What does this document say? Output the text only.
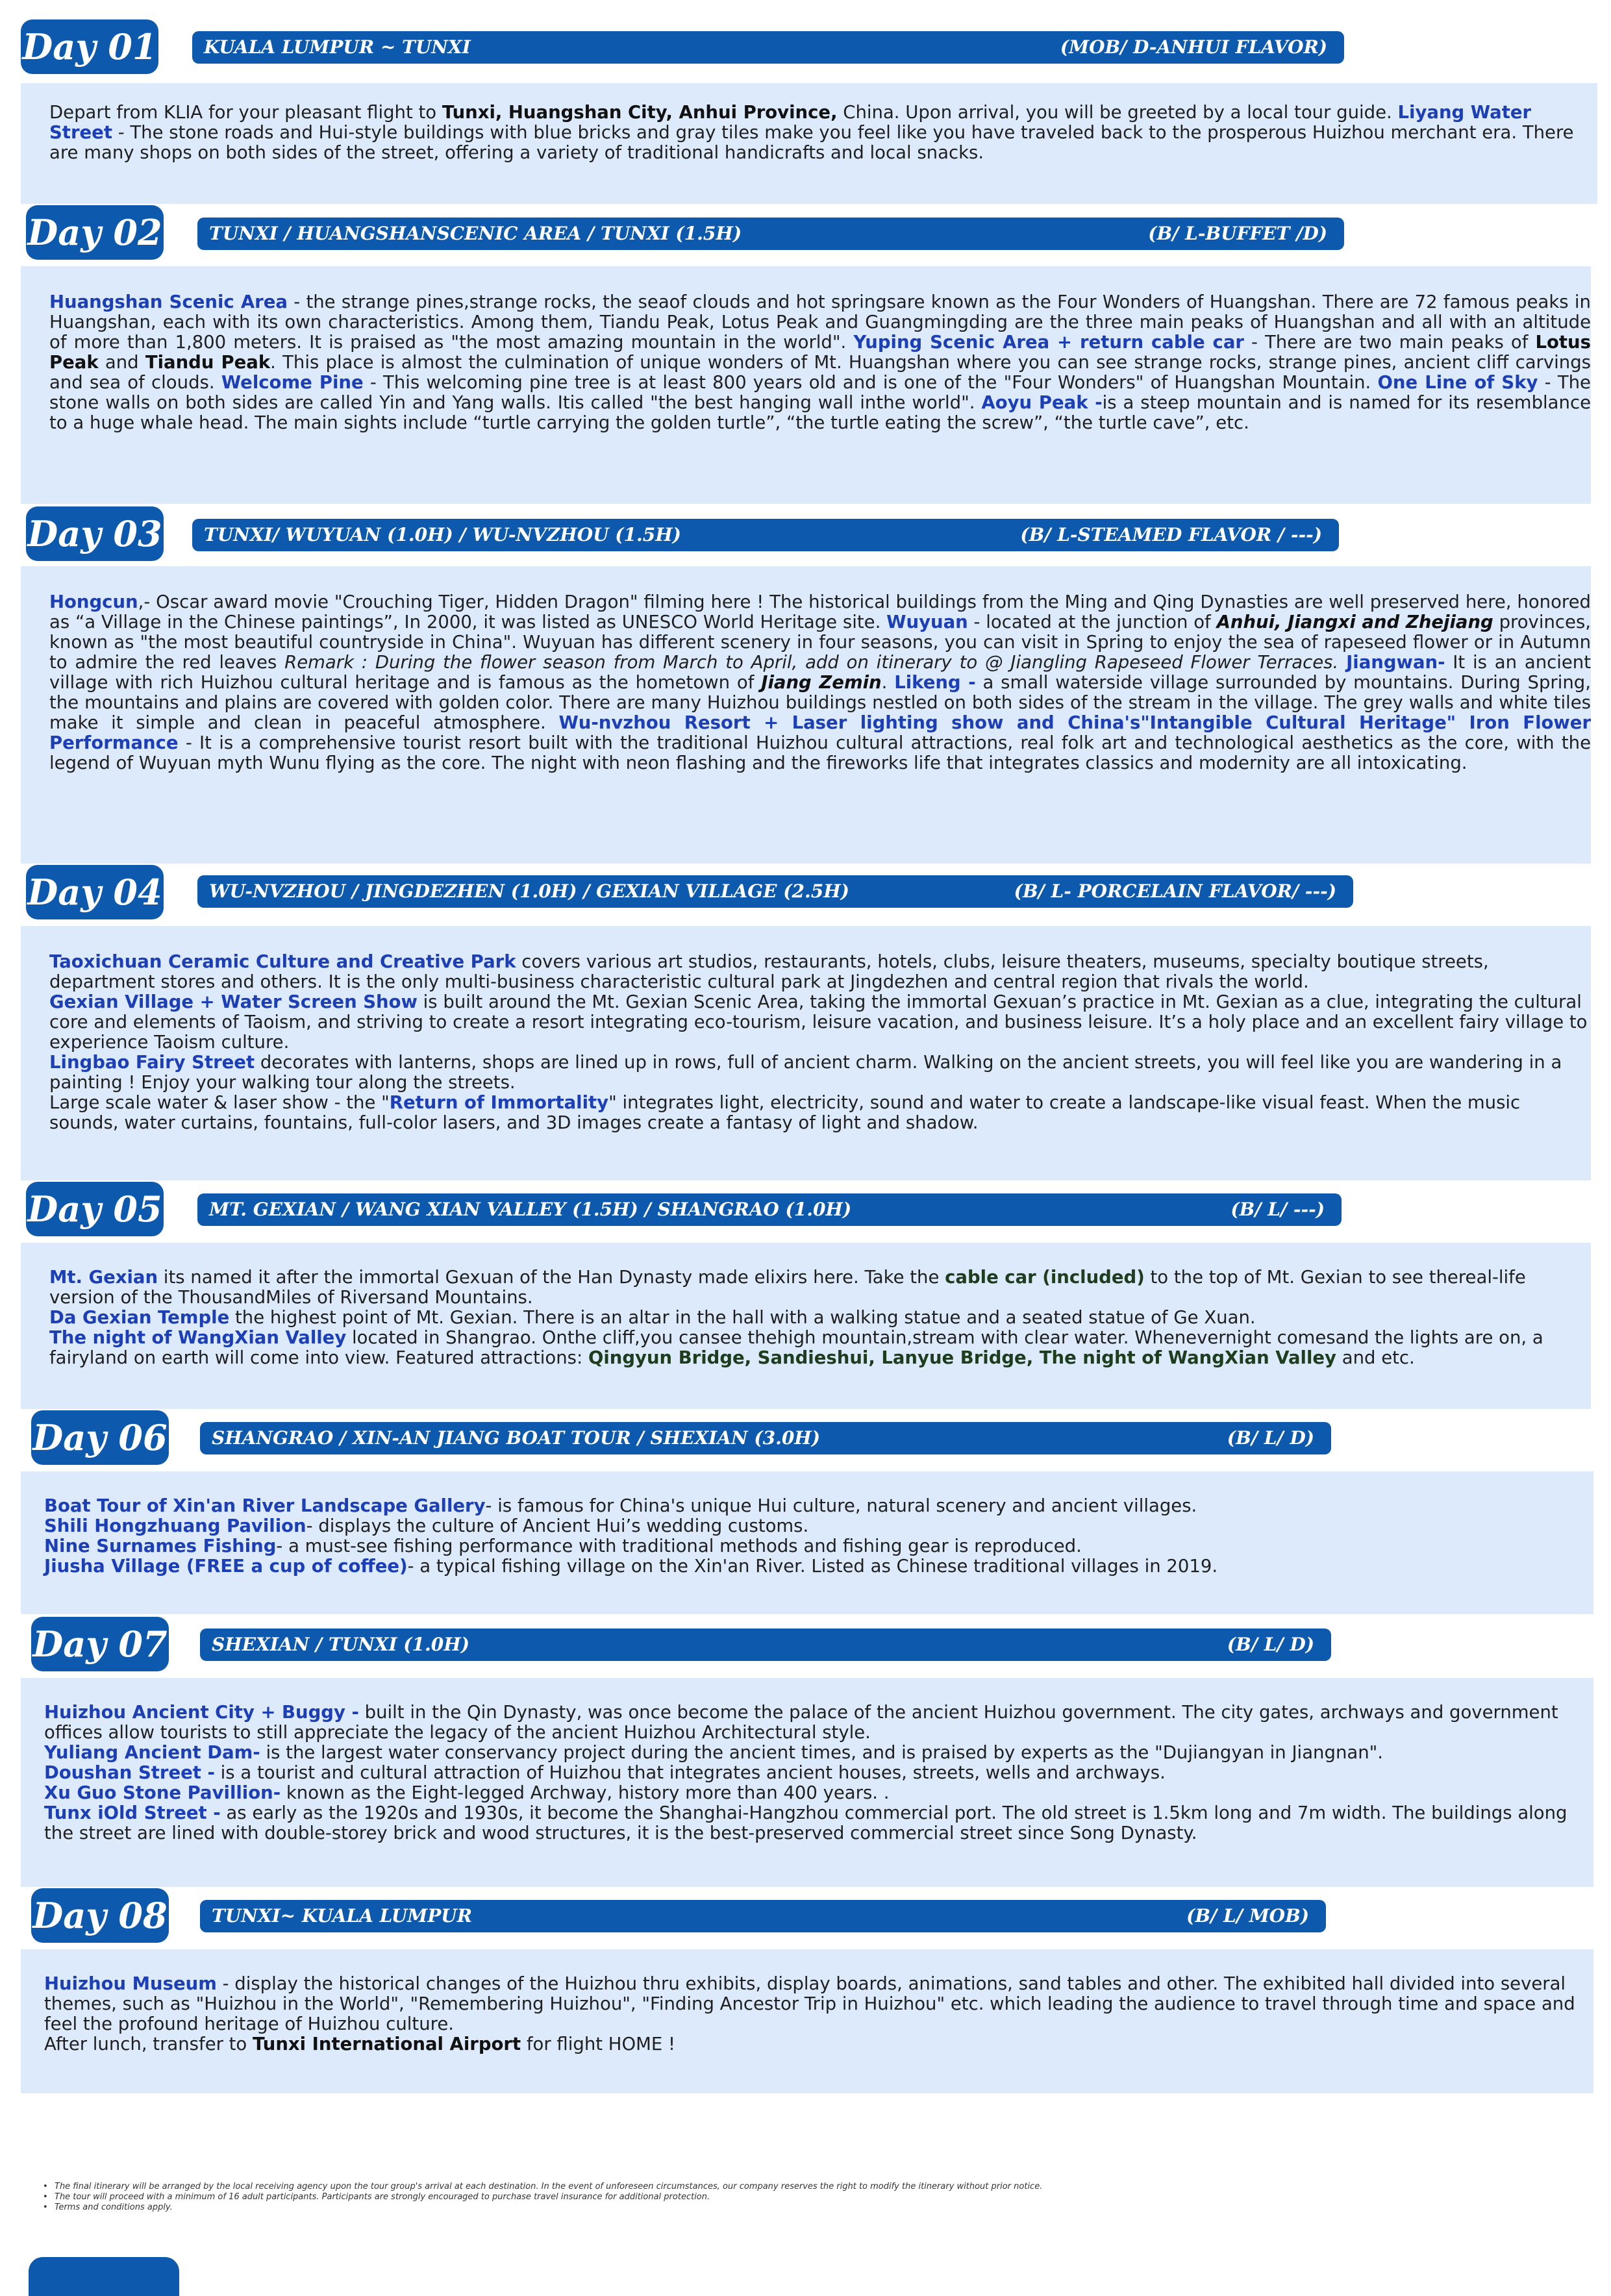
Day 01	KUALA LUMPUR ~ TUNXI	(MOB/ D-ANHUI FLAVOR)

Depart from KLIA for your pleasant flight to Tunxi, Huangshan City, Anhui Province, China. Upon arrival, you will be greeted by a local tour guide. Liyang Water Street - The stone roads and Hui-style buildings with blue bricks and gray tiles make you feel like you have traveled back to the prosperous Huizhou merchant era. There are many shops on both sides of the street, offering a variety of traditional handicrafts and local snacks.

Day 02	TUNXI / HUANGSHANSCENIC AREA / TUNXI (1.5H)	(B/ L-BUFFET /D)

Huangshan Scenic Area - the strange pines,strange rocks, the seaof clouds and hot springsare known as the Four Wonders of Huangshan. There are 72 famous peaks in Huangshan, each with its own characteristics. Among them, Tiandu Peak, Lotus Peak and Guangmingding are the three main peaks of Huangshan and all with an altitude of more than 1,800 meters. It is praised as "the most amazing mountain in the world". Yuping Scenic Area + return cable car - There are two main peaks of Lotus Peak and Tiandu Peak. This place is almost the culmination of unique wonders of Mt. Huangshan where you can see strange rocks, strange pines, ancient cliff carvings and sea of clouds. Welcome Pine - This welcoming pine tree is at least 800 years old and is one of the "Four Wonders" of Huangshan Mountain. One Line of Sky - The stone walls on both sides are called Yin and Yang walls. Itis called "the best hanging wall inthe world". Aoyu Peak -is a steep mountain and is named for its resemblance to a huge whale head. The main sights include “turtle carrying the golden turtle”, “the turtle eating the screw”, “the turtle cave”, etc.

Day 03 TUNXI/ WUYUAN (1.0H) / WU-NVZHOU (1.5H)	(B/ L-STEAMED FLAVOR / ---)

Hongcun,- Oscar award movie "Crouching Tiger, Hidden Dragon" filming here ! The historical buildings from the Ming and Qing Dynasties are well preserved here, honored as “a Village in the Chinese paintings”, In 2000, it was listed as UNESCO World Heritage site. Wuyuan - located at the junction of Anhui, Jiangxi and Zhejiang provinces, known as "the most beautiful countryside in China". Wuyuan has different scenery in four seasons, you can visit in Spring to enjoy the sea of rapeseed flower or in Autumn to admire the red leaves Remark : During the flower season from March to April, add on itinerary to @ Jiangling Rapeseed Flower Terraces. Jiangwan- It is an ancient village with rich Huizhou cultural heritage and is famous as the hometown of Jiang Zemin. Likeng - a small waterside village surrounded by mountains. During Spring, the mountains and plains are covered with golden color. There are many Huizhou buildings nestled on both sides of the stream in the village. The grey walls and white tiles make it simple and clean in peaceful atmosphere. Wu-nvzhou Resort + Laser lighting show and China's"Intangible Cultural Heritage" Iron Flower Performance - It is a comprehensive tourist resort built with the traditional Huizhou cultural attractions, real folk art and technological aesthetics as the core, with the legend of Wuyuan myth Wunu flying as the core. The night with neon flashing and the fireworks life that integrates classics and modernity are all intoxicating.

Day 04	WU-NVZHOU / JINGDEZHEN (1.0H) / GEXIAN VILLAGE (2.5H)	(B/ L- PORCELAIN FLAVOR/ ---)

Taoxichuan Ceramic Culture and Creative Park covers various art studios, restaurants, hotels, clubs, leisure theaters, museums, specialty boutique streets, department stores and others. It is the only multi-business characteristic cultural park at Jingdezhen and central region that rivals the world.

Gexian Village + Water Screen Show is built around the Mt. Gexian Scenic Area, taking the immortal Gexuan’s practice in Mt. Gexian as a clue, integrating the cultural core and elements of Taoism, and striving to create a resort integrating eco-tourism, leisure vacation, and business leisure. It’s a holy place and an excellent fairy village to experience Taoism culture.

Lingbao Fairy Street decorates with lanterns, shops are lined up in rows, full of ancient charm. Walking on the ancient streets, you will feel like you are wandering in a painting ! Enjoy your walking tour along the streets.

Large scale water & laser show - the "Return of Immortality" integrates light, electricity, sound and water to create a landscape-like visual feast. When the music sounds, water curtains, fountains, full-color lasers, and 3D images create a fantasy of light and shadow.

Day 05	MT. GEXIAN / WANG XIAN VALLEY (1.5H) / SHANGRAO (1.0H)	(B/ L/ ---)

Mt. Gexian its named it after the immortal Gexuan of the Han Dynasty made elixirs here. Take the cable car (included) to the top of Mt. Gexian to see thereal-life version of the ThousandMiles of Riversand Mountains.

Da Gexian Temple the highest point of Mt. Gexian. There is an altar in the hall with a walking statue and a seated statue of Ge Xuan.

The night of WangXian Valley located in Shangrao. Onthe cliff,you cansee thehigh mountain,stream with clear water. Whenevernight comesand the lights are on, a fairyland on earth will come into view. Featured attractions: Qingyun Bridge, Sandieshui, Lanyue Bridge, The night of WangXian Valley and etc.

Day 06 SHANGRAO / XIN-AN JIANG BOAT TOUR / SHEXIAN (3.0H)	(B/ L/ D)

Boat Tour of Xin'an River Landscape Gallery- is famous for China's unique Hui culture, natural scenery and ancient villages.

Shili Hongzhuang Pavilion- displays the culture of Ancient Hui’s wedding customs.

Nine Surnames Fishing- a must-see fishing performance with traditional methods and fishing gear is reproduced.

Jiusha Village (FREE a cup of coffee)- a typical fishing village on the Xin'an River. Listed as Chinese traditional villages in 2019.

Day 07 SHEXIAN / TUNXI (1.0H)	(B/ L/ D)

Huizhou Ancient City + Buggy - built in the Qin Dynasty, was once become the palace of the ancient Huizhou government. The city gates, archways and government offices allow tourists to still appreciate the legacy of the ancient Huizhou Architectural style.

Yuliang Ancient Dam- is the largest water conservancy project during the ancient times, and is praised by experts as the "Dujiangyan in Jiangnan".

Doushan Street - is a tourist and cultural attraction of Huizhou that integrates ancient houses, streets, wells and archways.

Xu Guo Stone Pavillion- known as the Eight-legged Archway, history more than 400 years. .

Tunx iOld Street - as early as the 1920s and 1930s, it become the Shanghai-Hangzhou commercial port. The old street is 1.5km long and 7m width. The buildings along the street are lined with double-storey brick and wood structures, it is the best-preserved commercial street since Song Dynasty.

Day 08 TUNXI~ KUALA LUMPUR	(B/ L/ MOB)

Huizhou Museum - display the historical changes of the Huizhou thru exhibits, display boards, animations, sand tables and other. The exhibited hall divided into several themes, such as "Huizhou in the World", "Remembering Huizhou", "Finding Ancestor Trip in Huizhou" etc. which leading the audience to travel through time and space and feel the profound heritage of Huizhou culture.

After lunch, transfer to Tunxi International Airport for flight HOME !

• The final itinerary will be arranged by the local receiving agency upon the tour group's arrival at each destination. In the event of unforeseen circumstances, our company reserves the right to modify the itinerary without prior notice.
• The tour will proceed with a minimum of 16 adult participants. Participants are strongly encouraged to purchase travel insurance for additional protection.
• Terms and conditions apply.
